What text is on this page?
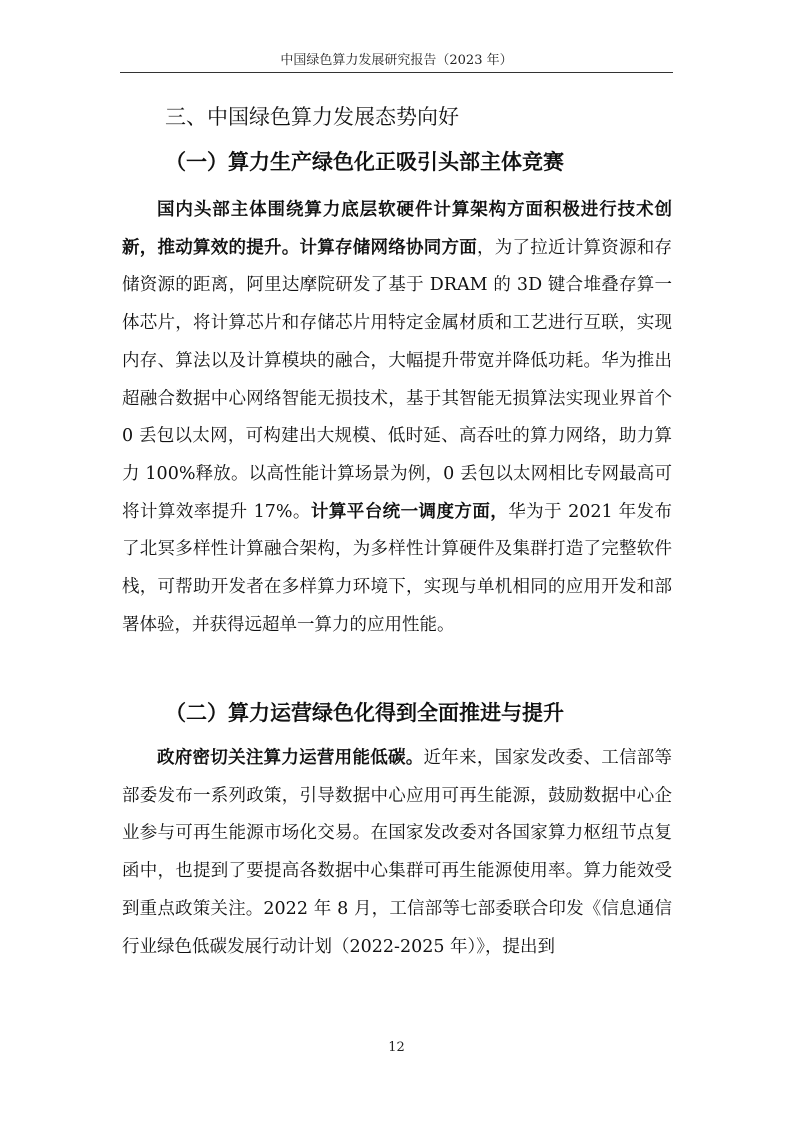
中国绿色算力发展研究报告（2023 年）
三、中国绿色算力发展态势向好
（一）算力生产绿色化正吸引头部主体竞赛

国内头部主体围绕算力底层软硬件计算架构方面积极进行技术创新，推动算效的提升。计算存储网络协同方面，为了拉近计算资源和存储资源的距离，阿里达摩院研发了基于 DRAM 的 3D 键合堆叠存算一体芯片，将计算芯片和存储芯片用特定金属材质和工艺进行互联，实现内存、算法以及计算模块的融合，大幅提升带宽并降低功耗。华为推出超融合数据中心网络智能无损技术，基于其智能无损算法实现业界首个 0 丢包以太网，可构建出大规模、低时延、高吞吐的算力网络，助力算力 100%释放。以高性能计算场景为例，0 丢包以太网相比专网最高可将计算效率提升 17%。计算平台统一调度方面，华为于 2021 年发布了北冥多样性计算融合架构，为多样性计算硬件及集群打造了完整软件栈，可帮助开发者在多样算力环境下，实现与单机相同的应用开发和部署体验，并获得远超单一算力的应用性能。

（二）算力运营绿色化得到全面推进与提升

政府密切关注算力运营用能低碳。近年来，国家发改委、工信部等部委发布一系列政策，引导数据中心应用可再生能源，鼓励数据中心企业参与可再生能源市场化交易。在国家发改委对各国家算力枢纽节点复函中，也提到了要提高各数据中心集群可再生能源使用率。算力能效受到重点政策关注。2022 年 8 月，工信部等七部委联合印发《信息通信行业绿色低碳发展行动计划（2022-2025 年）》，提出到

12
